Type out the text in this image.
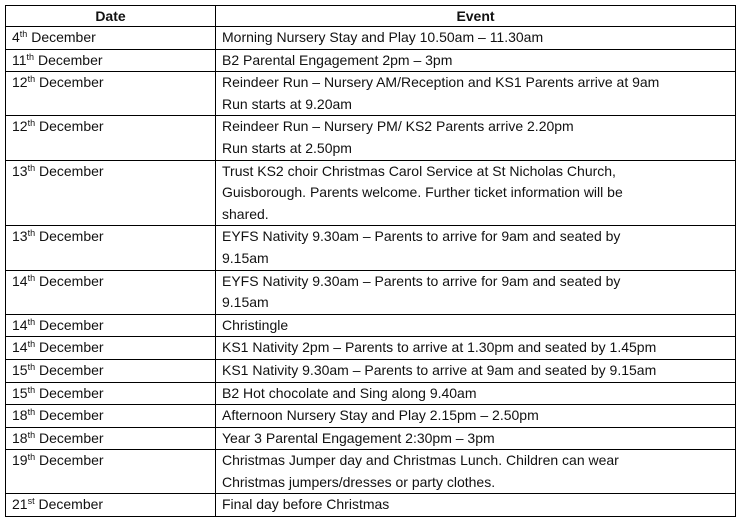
Date	Event
4th December	Morning Nursery Stay and Play 10.50am – 11.30am

11th December	B2 Parental Engagement 2pm – 3pm

12th December	Reindeer Run – Nursery AM/Reception and KS1 Parents arrive at 9am
Run starts at 9.20am

12th December	Reindeer Run – Nursery PM/ KS2 Parents arrive 2.20pm
Run starts at 2.50pm

13th December	Trust KS2 choir Christmas Carol Service at St Nicholas Church,
Guisborough. Parents welcome. Further ticket information will be
shared.

13th December	EYFS Nativity 9.30am – Parents to arrive for 9am and seated by
9.15am

14th December	EYFS Nativity 9.30am – Parents to arrive for 9am and seated by
9.15am

14th December	Christingle

14th December	KS1 Nativity 2pm – Parents to arrive at 1.30pm and seated by 1.45pm

15th December	KS1 Nativity 9.30am – Parents to arrive at 9am and seated by 9.15am

15th December	B2 Hot chocolate and Sing along 9.40am

18th December	Afternoon Nursery Stay and Play 2.15pm – 2.50pm

18th December	Year 3 Parental Engagement 2:30pm – 3pm

19th December	Christmas Jumper day and Christmas Lunch. Children can wear
Christmas jumpers/dresses or party clothes.

21st December	Final day before Christmas
